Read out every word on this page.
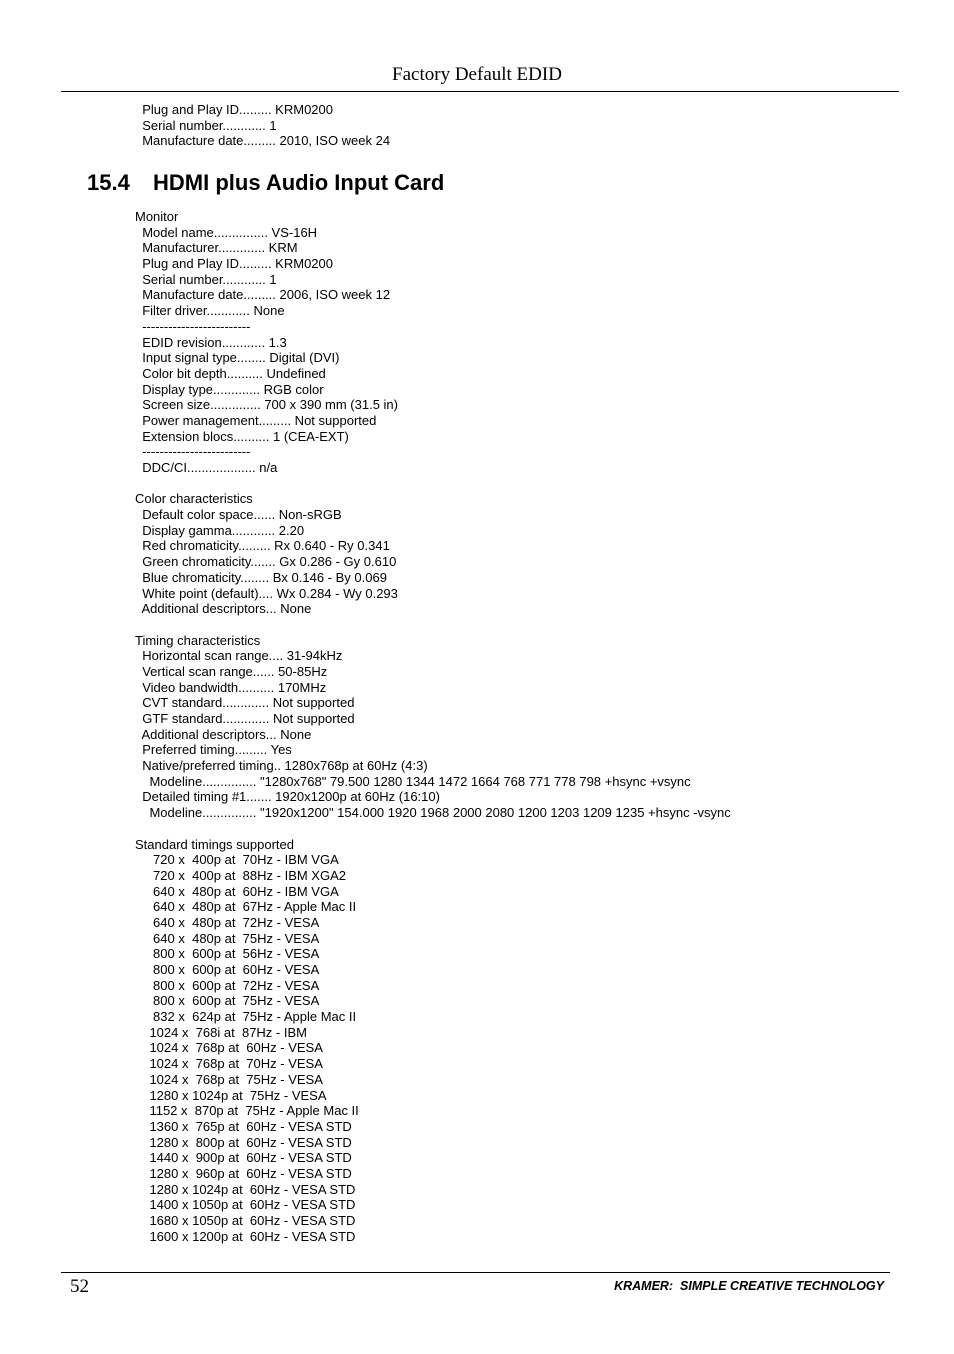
Factory Default EDID
Plug and Play ID......... KRM0200
Serial number............ 1
Manufacture date......... 2010, ISO week 24
15.4 HDMI plus Audio Input Card
Monitor
Model name............... VS-16H
Manufacturer............. KRM
Plug and Play ID......... KRM0200
Serial number............ 1
Manufacture date......... 2006, ISO week 12
Filter driver............ None
-------------------------
EDID revision............ 1.3
Input signal type........ Digital (DVI)
Color bit depth.......... Undefined
Display type............. RGB color
Screen size.............. 700 x 390 mm (31.5 in)
Power management......... Not supported
Extension blocs.......... 1 (CEA-EXT)
-------------------------
DDC/CI................... n/a
Color characteristics
Default color space...... Non-sRGB
Display gamma............ 2.20
Red chromaticity......... Rx 0.640 - Ry 0.341
Green chromaticity....... Gx 0.286 - Gy 0.610
Blue chromaticity........ Bx 0.146 - By 0.069
White point (default).... Wx 0.284 - Wy 0.293
Additional descriptors... None
Timing characteristics
Horizontal scan range.... 31-94kHz
Vertical scan range...... 50-85Hz
Video bandwidth.......... 170MHz
CVT standard............. Not supported
GTF standard............. Not supported
Additional descriptors... None
Preferred timing......... Yes
Native/preferred timing.. 1280x768p at 60Hz (4:3)
Modeline............... "1280x768" 79.500 1280 1344 1472 1664 768 771 778 798 +hsync +vsync
Detailed timing #1....... 1920x1200p at 60Hz (16:10)
Modeline............... "1920x1200" 154.000 1920 1968 2000 2080 1200 1203 1209 1235 +hsync -vsync
Standard timings supported
720 x  400p at  70Hz - IBM VGA
720 x  400p at  88Hz - IBM XGA2
640 x  480p at  60Hz - IBM VGA
640 x  480p at  67Hz - Apple Mac II
640 x  480p at  72Hz - VESA
640 x  480p at  75Hz - VESA
800 x  600p at  56Hz - VESA
800 x  600p at  60Hz - VESA
800 x  600p at  72Hz - VESA
800 x  600p at  75Hz - VESA
832 x  624p at  75Hz - Apple Mac II
1024 x  768i at  87Hz - IBM
1024 x  768p at  60Hz - VESA
1024 x  768p at  70Hz - VESA
1024 x  768p at  75Hz - VESA
1280 x 1024p at  75Hz - VESA
1152 x  870p at  75Hz - Apple Mac II
1360 x  765p at  60Hz - VESA STD
1280 x  800p at  60Hz - VESA STD
1440 x  900p at  60Hz - VESA STD
1280 x  960p at  60Hz - VESA STD
1280 x 1024p at  60Hz - VESA STD
1400 x 1050p at  60Hz - VESA STD
1680 x 1050p at  60Hz - VESA STD
1600 x 1200p at  60Hz - VESA STD
52	KRAMER:  SIMPLE CREATIVE TECHNOLOGY
